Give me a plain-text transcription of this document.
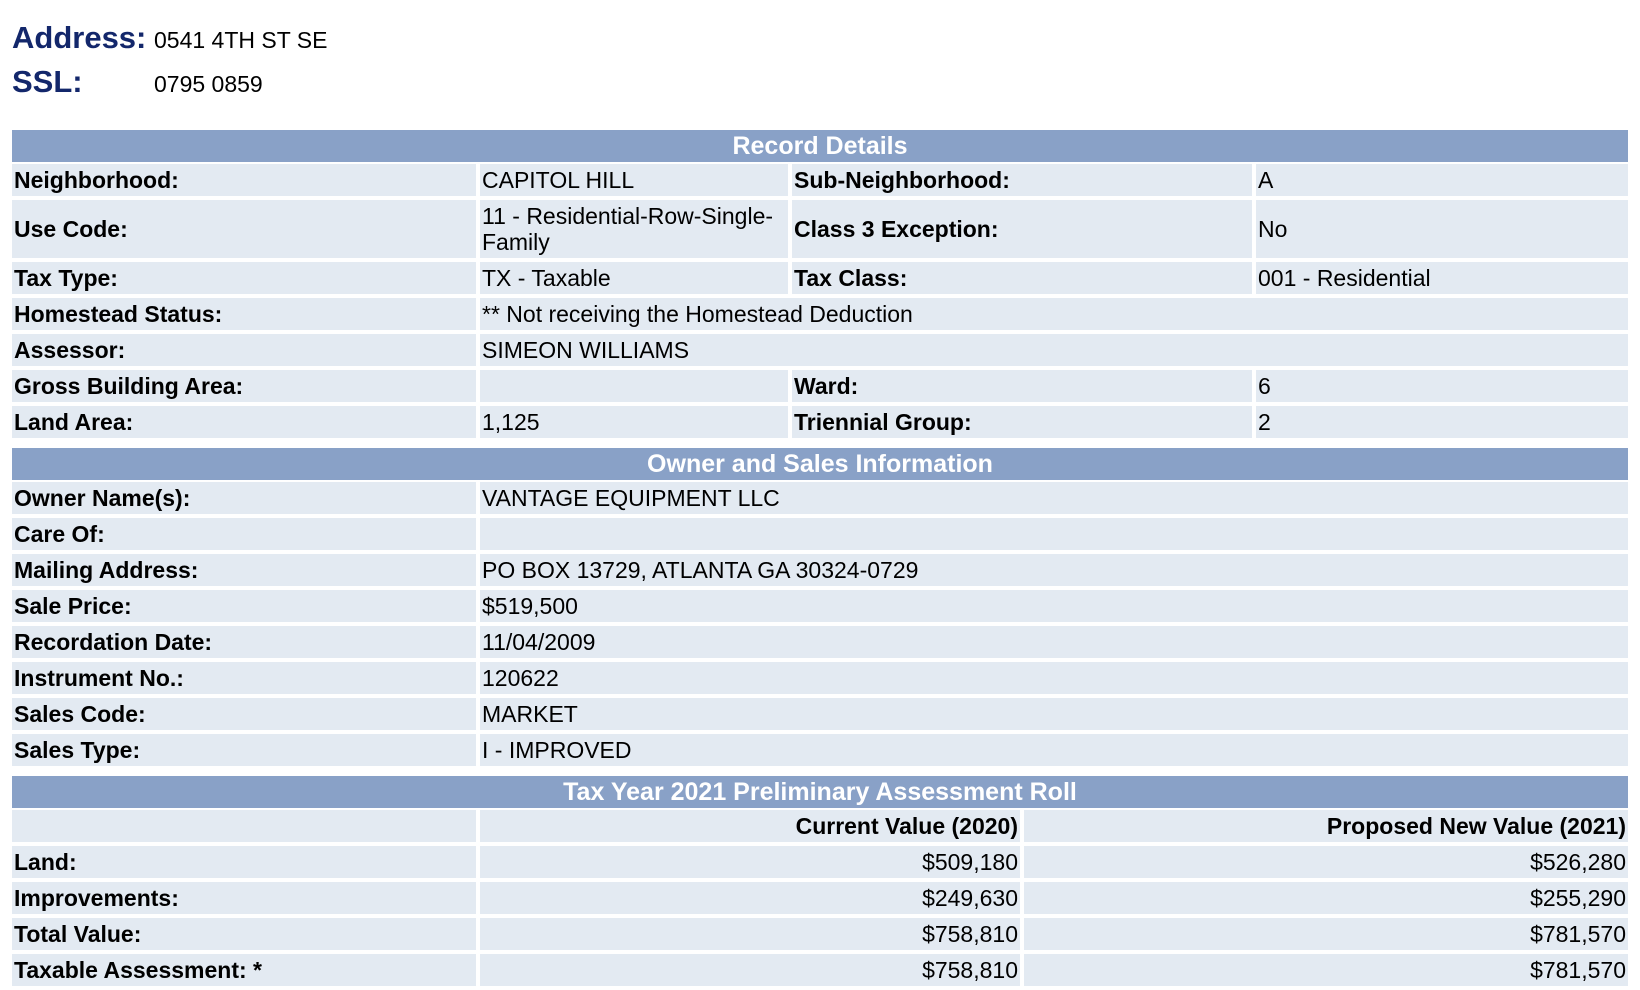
Address: 0541 4TH ST SE
SSL:	0795 0859
Record Details
Neighborhood:	CAPITOL HILL	Sub-Neighborhood:	A
Use Code:	11 - Residential-Row-Single-Family	Class 3 Exception:	No
Tax Type:	TX - Taxable	Tax Class:	001 - Residential
Homestead Status:	** Not receiving the Homestead Deduction		
Assessor:	SIMEON WILLIAMS		
Gross Building Area:		Ward:	6
Land Area:	1,125	Triennial Group:	2
Owner and Sales Information
Owner Name(s):	VANTAGE EQUIPMENT LLC
Care Of:	
Mailing Address:	PO BOX 13729, ATLANTA GA 30324-0729
Sale Price:	$519,500
Recordation Date:	11/04/2009
Instrument No.:	120622
Sales Code:	MARKET
Sales Type:	I - IMPROVED
Tax Year 2021 Preliminary Assessment Roll
	Current Value (2020)	Proposed New Value (2021)
Land:	$509,180	$526,280
Improvements:	$249,630	$255,290
Total Value:	$758,810	$781,570
Taxable Assessment: *	$758,810	$781,570
